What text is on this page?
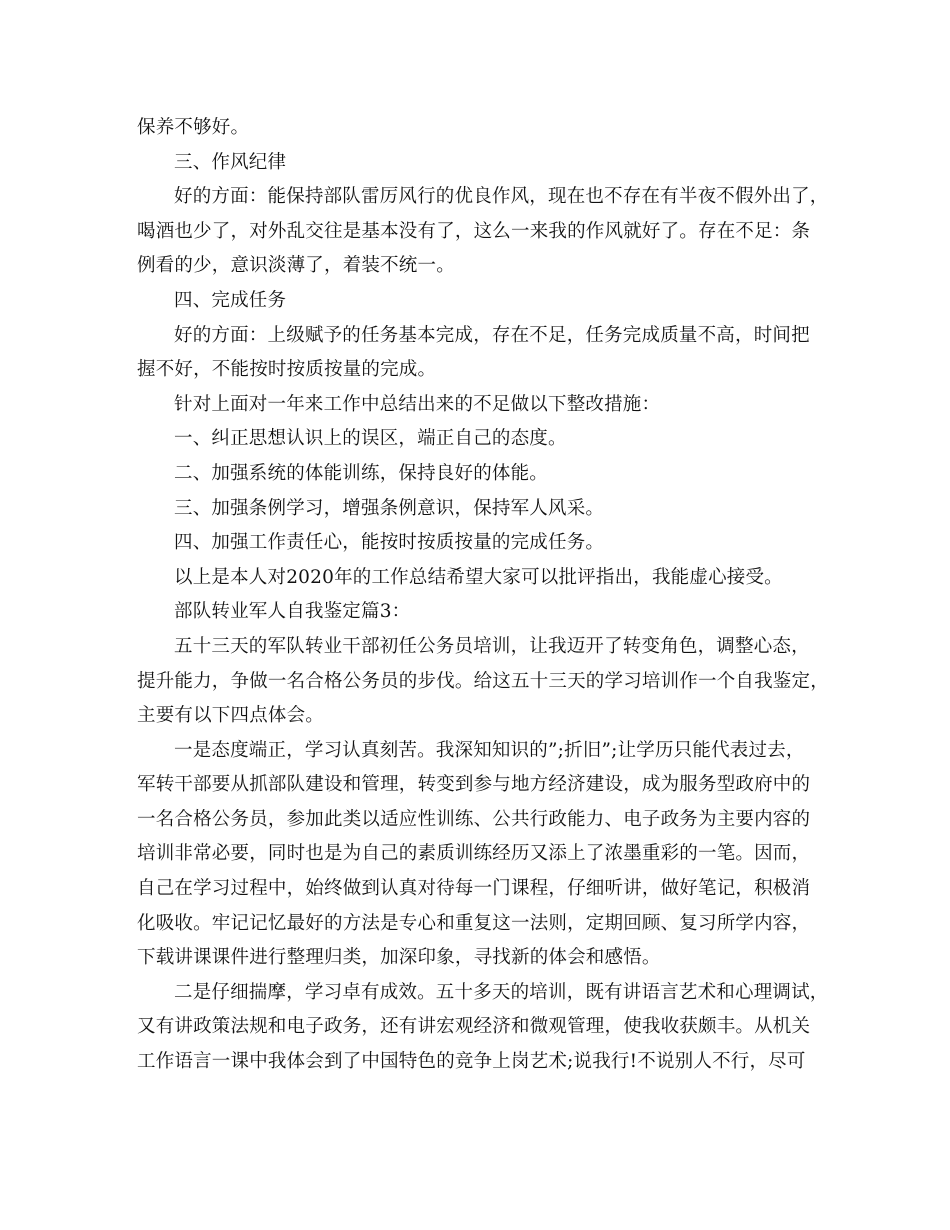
保养不够好。
三、作风纪律
好的方面：能保持部队雷厉风行的优良作风，现在也不存在有半夜不假外出了，
喝酒也少了，对外乱交往是基本没有了，这么一来我的作风就好了。存在不足：条
例看的少，意识淡薄了，着装不统一。
四、完成任务
好的方面：上级赋予的任务基本完成，存在不足，任务完成质量不高，时间把
握不好，不能按时按质按量的完成。
针对上面对一年来工作中总结出来的不足做以下整改措施：
一、纠正思想认识上的误区，端正自己的态度。
二、加强系统的体能训练，保持良好的体能。
三、加强条例学习，增强条例意识，保持军人风采。
四、加强工作责任心，能按时按质按量的完成任务。
以上是本人对2020年的工作总结希望大家可以批评指出，我能虚心接受。
部队转业军人自我鉴定篇3：
五十三天的军队转业干部初任公务员培训，让我迈开了转变角色，调整心态，
提升能力，争做一名合格公务员的步伐。给这五十三天的学习培训作一个自我鉴定，
主要有以下四点体会。
一是态度端正，学习认真刻苦。我深知知识的”;折旧”;让学历只能代表过去，
军转干部要从抓部队建设和管理，转变到参与地方经济建设，成为服务型政府中的
一名合格公务员，参加此类以适应性训练、公共行政能力、电子政务为主要内容的
培训非常必要，同时也是为自己的素质训练经历又添上了浓墨重彩的一笔。因而，
自己在学习过程中，始终做到认真对待每一门课程，仔细听讲，做好笔记，积极消
化吸收。牢记记忆最好的方法是专心和重复这一法则，定期回顾、复习所学内容，
下载讲课课件进行整理归类，加深印象，寻找新的体会和感悟。
二是仔细揣摩，学习卓有成效。五十多天的培训，既有讲语言艺术和心理调试，
又有讲政策法规和电子政务，还有讲宏观经济和微观管理，使我收获颇丰。从机关
工作语言一课中我体会到了中国特色的竞争上岗艺术;说我行!不说别人不行，尽可
